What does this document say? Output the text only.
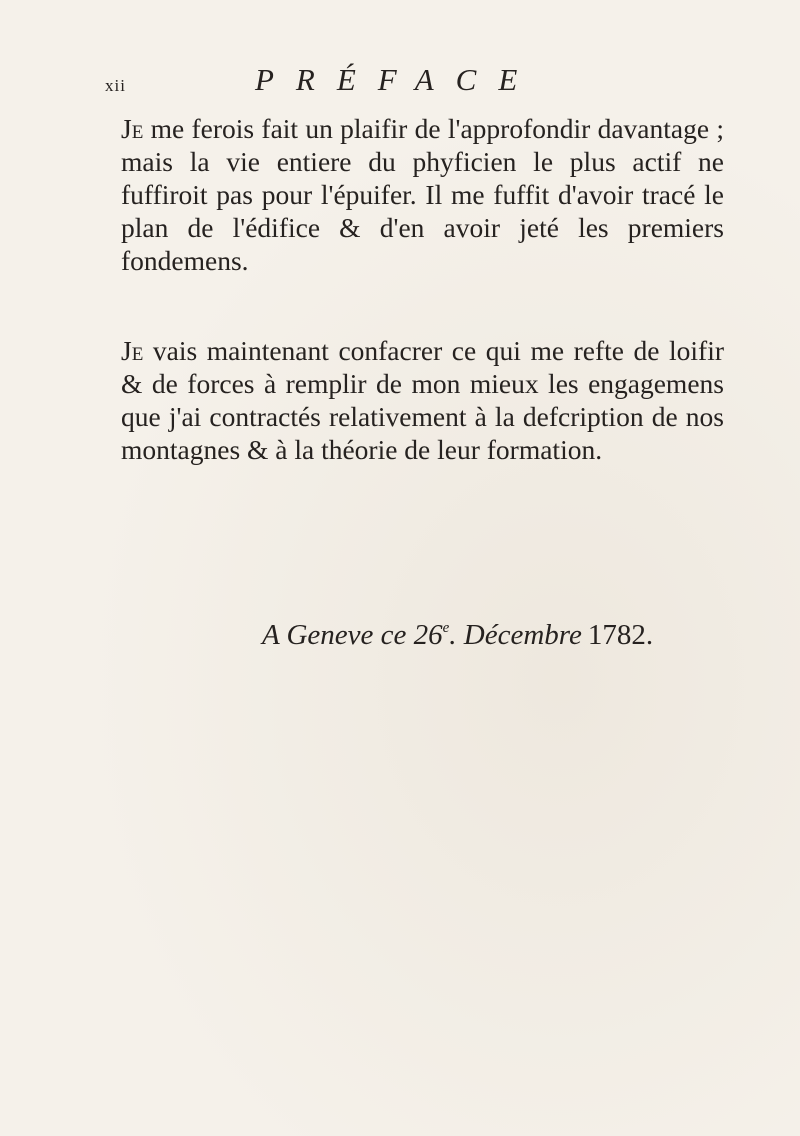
xii	PRÉFACE

Je me ferois fait un plaifir de l'approfondir davantage ; mais la vie entiere du phyficien le plus actif ne fuffiroit pas pour l'épuifer. Il me fuffit d'avoir tracé le plan de l'édifice & d'en avoir jeté les premiers fondemens.

Je vais maintenant confacrer ce qui me refte de loifir & de forces à remplir de mon mieux les engagemens que j'ai contractés relativement à la defcription de nos montagnes & à la théorie de leur formation.

A Geneve ce 26e. Décembre 1782.
